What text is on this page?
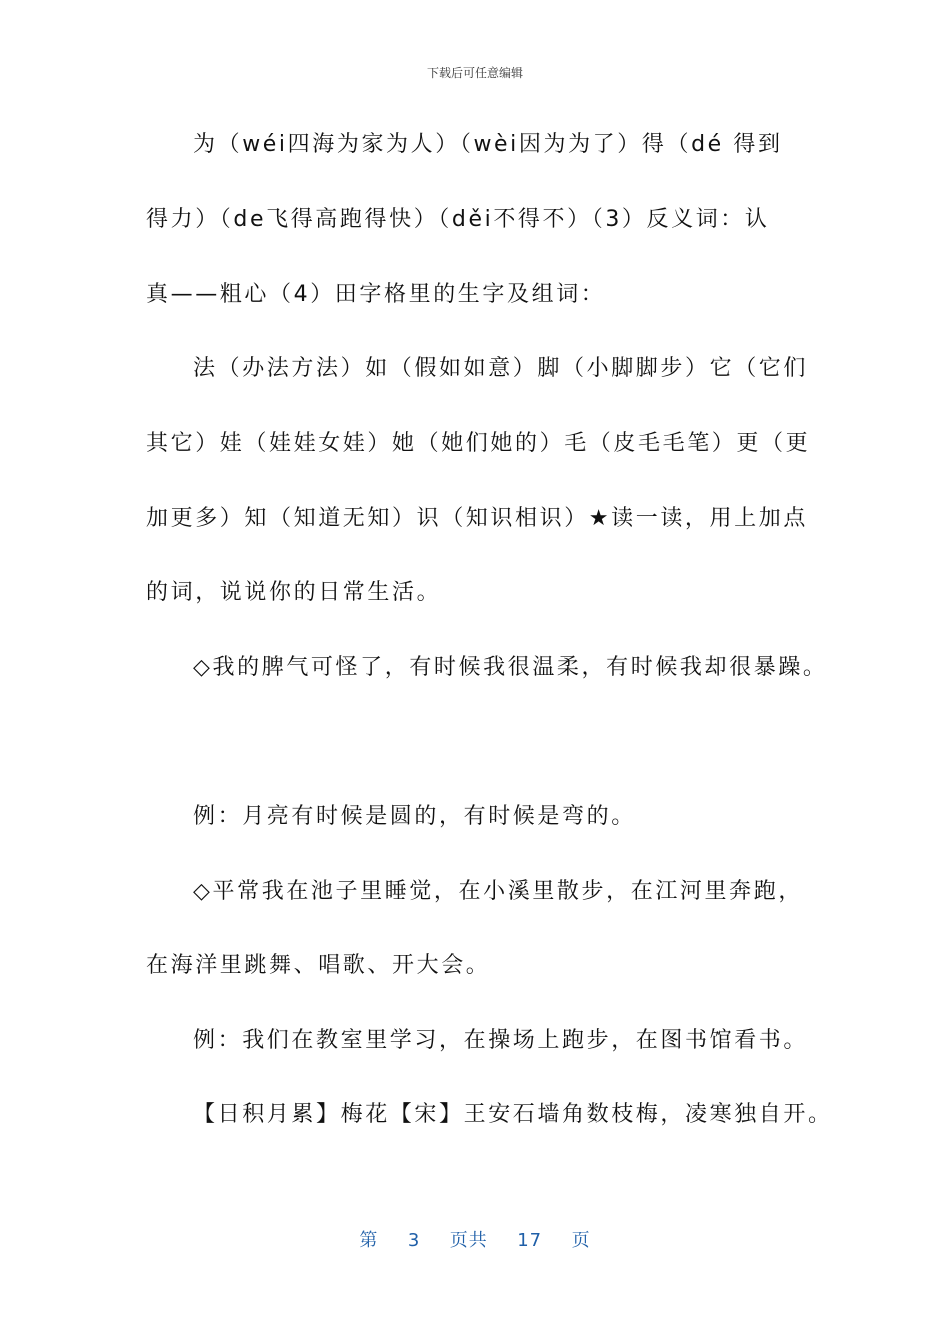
下载后可任意编辑
为（wéi四海为家为人）（wèi因为为了）得（dé 得到
得力）（de飞得高跑得快）（děi不得不）（3）反义词：认
真——粗心（4）田字格里的生字及组词：
法（办法方法）如（假如如意）脚（小脚脚步）它（它们
其它）娃（娃娃女娃）她（她们她的）毛（皮毛毛笔）更（更
加更多）知（知道无知）识（知识相识）★读一读，用上加点
的词，说说你的日常生活。
◇我的脾气可怪了，有时候我很温柔，有时候我却很暴躁。
例：月亮有时候是圆的，有时候是弯的。
◇平常我在池子里睡觉，在小溪里散步，在江河里奔跑，
在海洋里跳舞、唱歌、开大会。
例：我们在教室里学习，在操场上跑步，在图书馆看书。
【日积月累】梅花【宋】王安石墙角数枝梅，凌寒独自开。
第 3 页共 17 页
